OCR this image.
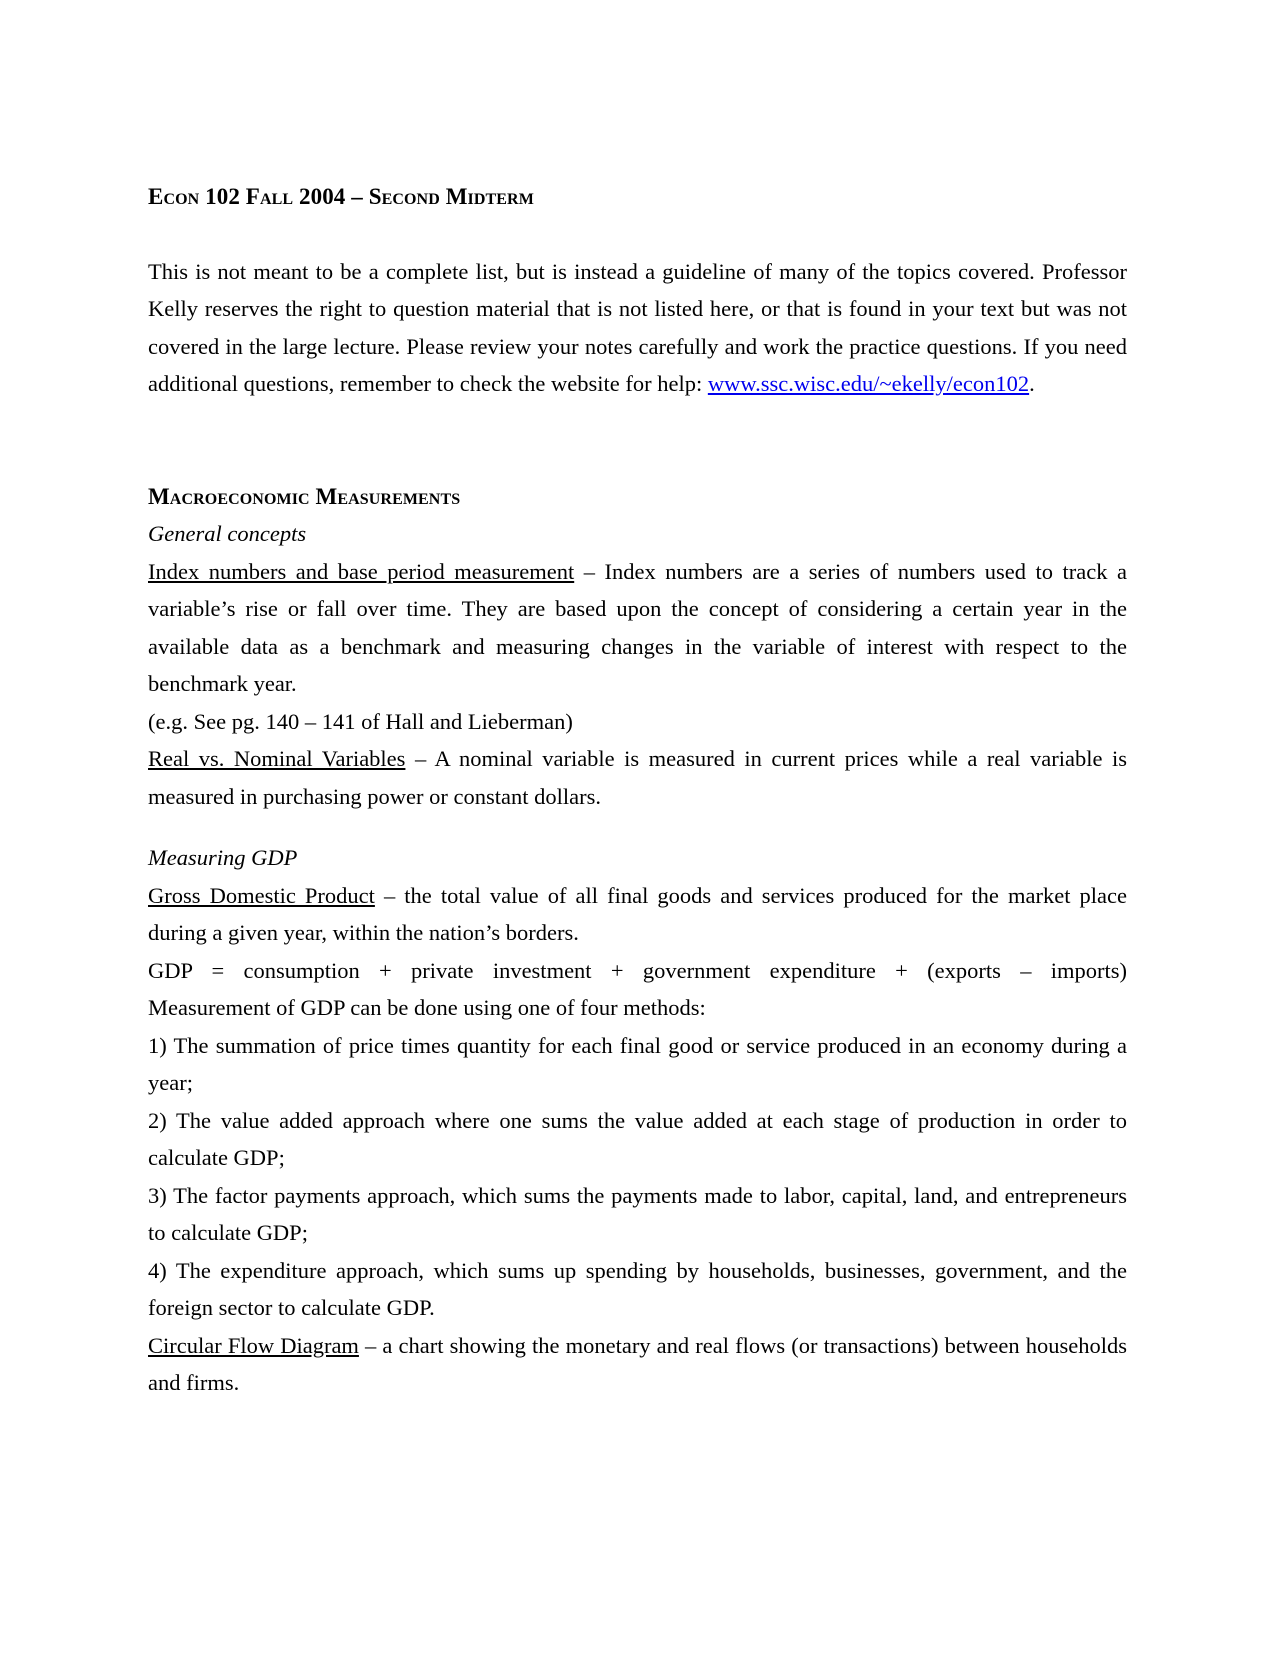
Econ 102 Fall 2004 – Second Midterm

This is not meant to be a complete list, but is instead a guideline of many of the topics covered. Professor Kelly reserves the right to question material that is not listed here, or that is found in your text but was not covered in the large lecture. Please review your notes carefully and work the practice questions. If you need additional questions, remember to check the website for help: www.ssc.wisc.edu/~ekelly/econ102.

Macroeconomic Measurements

General concepts

Index numbers and base period measurement – Index numbers are a series of numbers used to track a variable’s rise or fall over time. They are based upon the concept of considering a certain year in the available data as a benchmark and measuring changes in the variable of interest with respect to the benchmark year.

(e.g. See pg. 140 – 141 of Hall and Lieberman)

Real vs. Nominal Variables – A nominal variable is measured in current prices while a real variable is measured in purchasing power or constant dollars.

Measuring GDP

Gross Domestic Product – the total value of all final goods and services produced for the market place during a given year, within the nation’s borders.

GDP = consumption + private investment + government expenditure + (exports – imports)

Measurement of GDP can be done using one of four methods:

1) The summation of price times quantity for each final good or service produced in an economy during a year;

2) The value added approach where one sums the value added at each stage of production in order to calculate GDP;

3) The factor payments approach, which sums the payments made to labor, capital, land, and entrepreneurs to calculate GDP;

4) The expenditure approach, which sums up spending by households, businesses, government, and the foreign sector to calculate GDP.

Circular Flow Diagram – a chart showing the monetary and real flows (or transactions) between households and firms.
